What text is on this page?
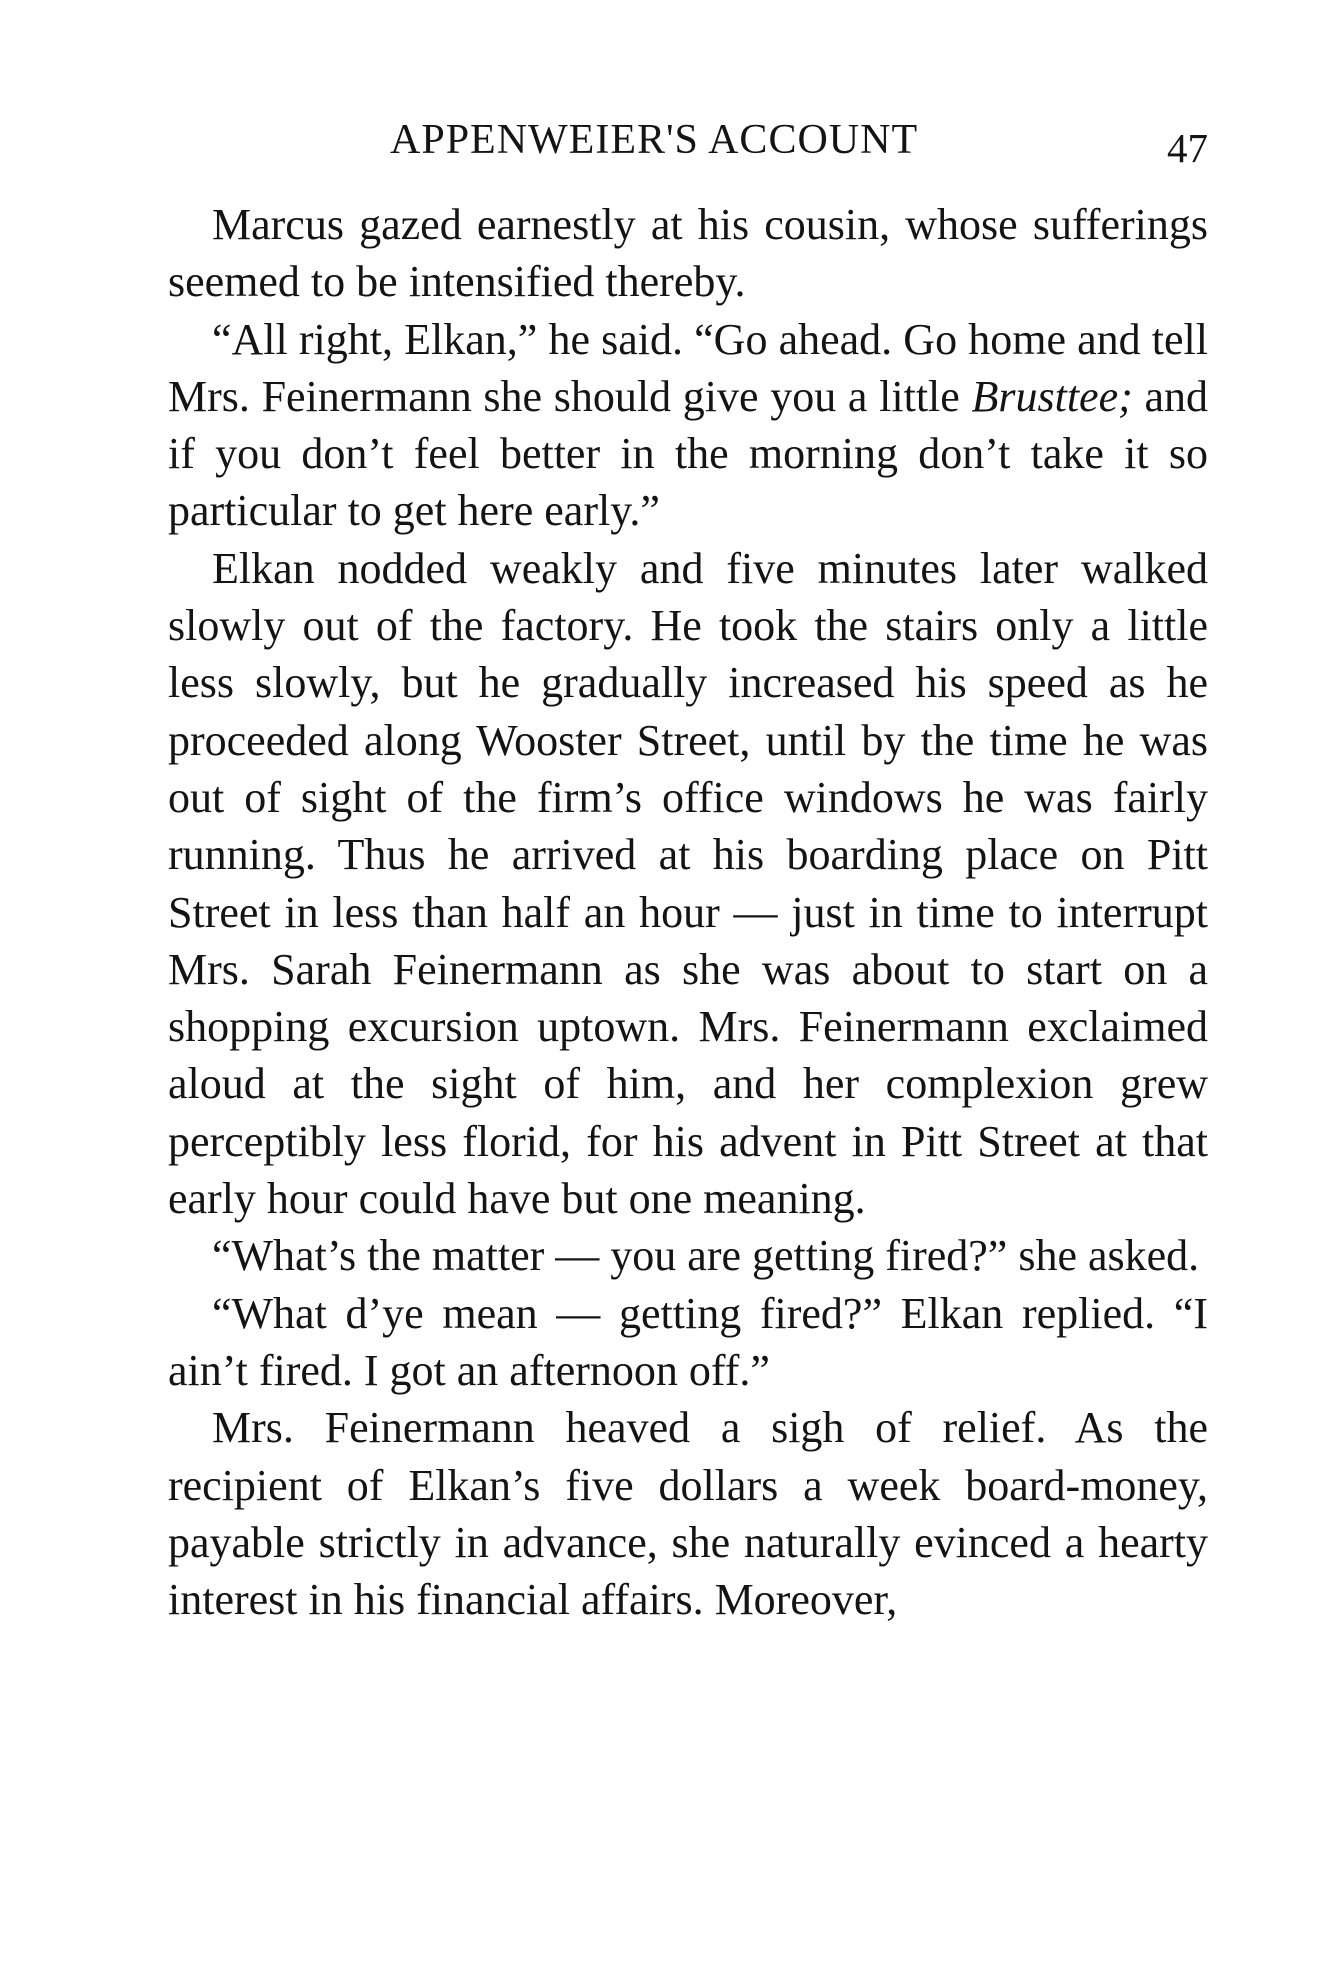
APPENWEIER'S ACCOUNT	47

Marcus gazed earnestly at his cousin, whose sufferings seemed to be intensified thereby.

“All right, Elkan,” he said. “Go ahead. Go home and tell Mrs. Feinermann she should give you a little Brusttee; and if you don’t feel better in the morning don’t take it so particular to get here early.”

Elkan nodded weakly and five minutes later walked slowly out of the factory. He took the stairs only a little less slowly, but he gradually increased his speed as he proceeded along Wooster Street, until by the time he was out of sight of the firm’s office windows he was fairly running. Thus he arrived at his boarding place on Pitt Street in less than half an hour — just in time to interrupt Mrs. Sarah Feinermann as she was about to start on a shopping excursion uptown. Mrs. Feinermann exclaimed aloud at the sight of him, and her complexion grew perceptibly less florid, for his advent in Pitt Street at that early hour could have but one meaning.

“What’s the matter — you are getting fired?” she asked.

“What d’ye mean — getting fired?” Elkan replied. “I ain’t fired. I got an afternoon off.”

Mrs. Feinermann heaved a sigh of relief. As the recipient of Elkan’s five dollars a week board-money, payable strictly in advance, she naturally evinced a hearty interest in his financial affairs. Moreover,
